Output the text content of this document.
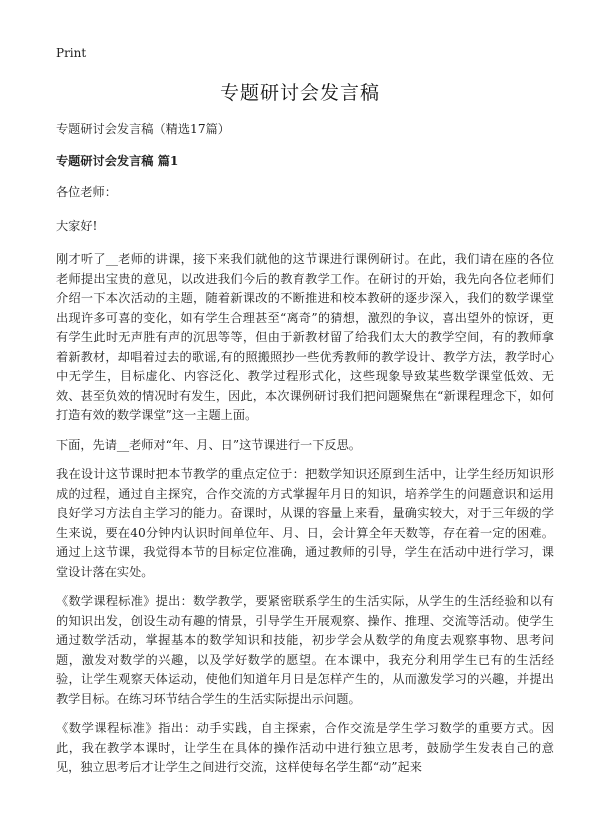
Print
专题研讨会发言稿

专题研讨会发言稿（精选17篇）

专题研讨会发言稿 篇1

各位老师：

大家好!

刚才听了__老师的讲课，接下来我们就他的这节课进行课例研讨。在此，我们请在座的各位老师提出宝贵的意见，以改进我们今后的教育教学工作。在研讨的开始，我先向各位老师们介绍一下本次活动的主题，随着新课改的不断推进和校本教研的逐步深入，我们的数学课堂出现许多可喜的变化，如有学生合理甚至“离奇”的猜想，激烈的争议，喜出望外的惊讶，更有学生此时无声胜有声的沉思等等，但由于新教材留了给我们太大的教学空间，有的教师拿着新教材，却唱着过去的歌谣,有的照搬照抄一些优秀教师的教学设计、教学方法，教学时心中无学生，目标虚化、内容泛化、教学过程形式化，这些现象导致某些数学课堂低效、无效、甚至负效的情况时有发生，因此，本次课例研讨我们把问题聚焦在“新课程理念下，如何打造有效的数学课堂”这一主题上面。

下面，先请__老师对“年、月、日”这节课进行一下反思。

我在设计这节课时把本节教学的重点定位于：把数学知识还原到生活中，让学生经历知识形成的过程，通过自主探究，合作交流的方式掌握年月日的知识，培养学生的问题意识和运用良好学习方法自主学习的能力。奋课时，从课的容量上来看，量确实较大，对于三年级的学生来说，要在40分钟内认识时间单位年、月、日，会计算全年天数等，存在着一定的困难。通过上这节课，我觉得本节的目标定位准确，通过教师的引导，学生在活动中进行学习，课堂设计落在实处。

《数学课程标准》提出：数学教学，要紧密联系学生的生活实际，从学生的生活经验和以有的知识出发，创设生动有趣的情景，引导学生开展观察、操作、推理、交流等活动。使学生通过数学活动，掌握基本的数学知识和技能，初步学会从数学的角度去观察事物、思考问题，激发对数学的兴趣，以及学好数学的愿望。在本课中，我充分利用学生已有的生活经验，让学生观察天体运动，使他们知道年月日是怎样产生的，从而激发学习的兴趣，并提出教学目标。在练习环节结合学生的生活实际提出示问题。

《数学课程标准》指出：动手实践，自主探索，合作交流是学生学习数学的重要方式。因此，我在教学本课时，让学生在具体的操作活动中进行独立思考，鼓励学生发表自己的意见，独立思考后才让学生之间进行交流，这样使每名学生都“动”起来
